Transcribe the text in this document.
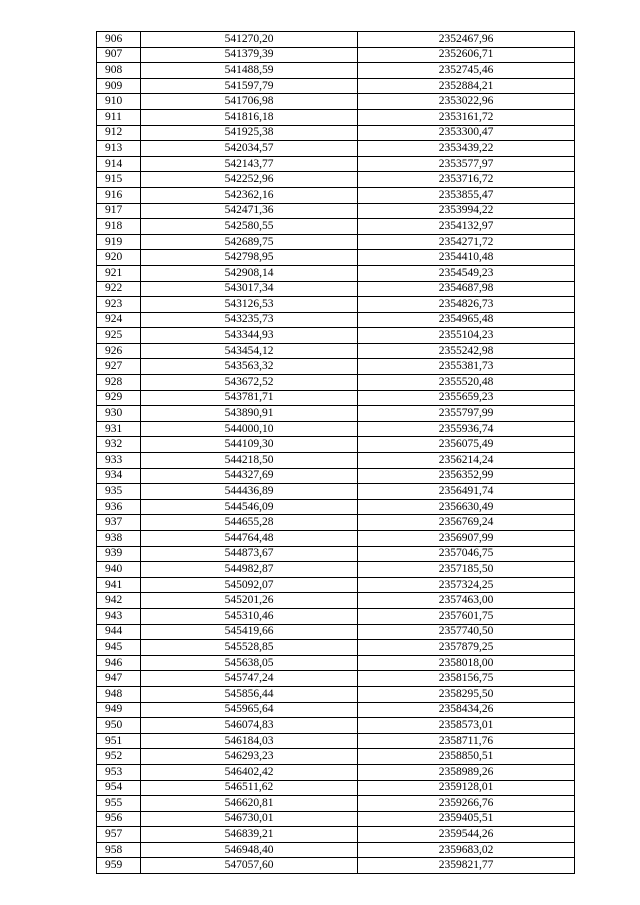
906	541270,20	2352467,96
907	541379,39	2352606,71
908	541488,59	2352745,46
909	541597,79	2352884,21
910	541706,98	2353022,96
911	541816,18	2353161,72
912	541925,38	2353300,47
913	542034,57	2353439,22
914	542143,77	2353577,97
915	542252,96	2353716,72
916	542362,16	2353855,47
917	542471,36	2353994,22
918	542580,55	2354132,97
919	542689,75	2354271,72
920	542798,95	2354410,48
921	542908,14	2354549,23
922	543017,34	2354687,98
923	543126,53	2354826,73
924	543235,73	2354965,48
925	543344,93	2355104,23
926	543454,12	2355242,98
927	543563,32	2355381,73
928	543672,52	2355520,48
929	543781,71	2355659,23
930	543890,91	2355797,99
931	544000,10	2355936,74
932	544109,30	2356075,49
933	544218,50	2356214,24
934	544327,69	2356352,99
935	544436,89	2356491,74
936	544546,09	2356630,49
937	544655,28	2356769,24
938	544764,48	2356907,99
939	544873,67	2357046,75
940	544982,87	2357185,50
941	545092,07	2357324,25
942	545201,26	2357463,00
943	545310,46	2357601,75
944	545419,66	2357740,50
945	545528,85	2357879,25
946	545638,05	2358018,00
947	545747,24	2358156,75
948	545856,44	2358295,50
949	545965,64	2358434,26
950	546074,83	2358573,01
951	546184,03	2358711,76
952	546293,23	2358850,51
953	546402,42	2358989,26
954	546511,62	2359128,01
955	546620,81	2359266,76
956	546730,01	2359405,51
957	546839,21	2359544,26
958	546948,40	2359683,02
959	547057,60	2359821,77
